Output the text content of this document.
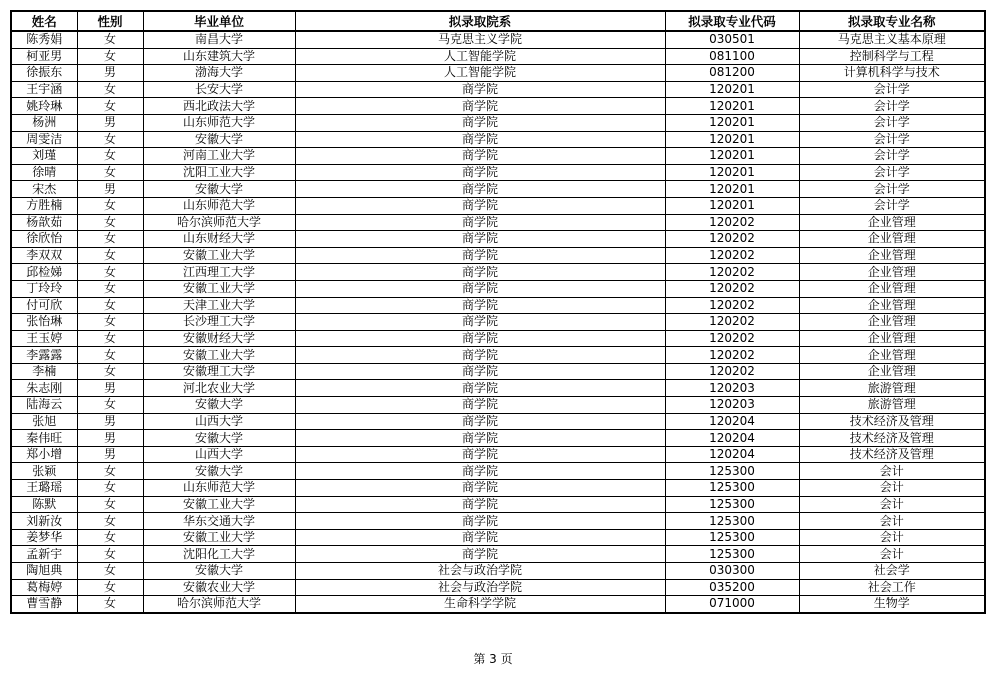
姓名	性别	毕业单位	拟录取院系	拟录取专业代码	拟录取专业名称
陈秀娟	女	南昌大学	马克思主义学院	030501	马克思主义基本原理
柯亚男	女	山东建筑大学	人工智能学院	081100	控制科学与工程
徐振东	男	渤海大学	人工智能学院	081200	计算机科学与技术
王宇涵	女	长安大学	商学院	120201	会计学
姚玲琳	女	西北政法大学	商学院	120201	会计学
杨洲	男	山东师范大学	商学院	120201	会计学
周雯洁	女	安徽大学	商学院	120201	会计学
刘瑾	女	河南工业大学	商学院	120201	会计学
徐晴	女	沈阳工业大学	商学院	120201	会计学
宋杰	男	安徽大学	商学院	120201	会计学
方胜楠	女	山东师范大学	商学院	120201	会计学
杨歆茹	女	哈尔滨师范大学	商学院	120202	企业管理
徐欣怡	女	山东财经大学	商学院	120202	企业管理
李双双	女	安徽工业大学	商学院	120202	企业管理
邱检娣	女	江西理工大学	商学院	120202	企业管理
丁玲玲	女	安徽工业大学	商学院	120202	企业管理
付可欣	女	天津工业大学	商学院	120202	企业管理
张怡琳	女	长沙理工大学	商学院	120202	企业管理
王玉婷	女	安徽财经大学	商学院	120202	企业管理
李露露	女	安徽工业大学	商学院	120202	企业管理
李楠	女	安徽理工大学	商学院	120202	企业管理
朱志刚	男	河北农业大学	商学院	120203	旅游管理
陆海云	女	安徽大学	商学院	120203	旅游管理
张旭	男	山西大学	商学院	120204	技术经济及管理
秦伟旺	男	安徽大学	商学院	120204	技术经济及管理
郑小增	男	山西大学	商学院	120204	技术经济及管理
张颖	女	安徽大学	商学院	125300	会计
王璐瑶	女	山东师范大学	商学院	125300	会计
陈默	女	安徽工业大学	商学院	125300	会计
刘新汝	女	华东交通大学	商学院	125300	会计
姜梦华	女	安徽工业大学	商学院	125300	会计
孟新宇	女	沈阳化工大学	商学院	125300	会计
陶旭典	女	安徽大学	社会与政治学院	030300	社会学
葛梅婷	女	安徽农业大学	社会与政治学院	035200	社会工作
曹雪静	女	哈尔滨师范大学	生命科学学院	071000	生物学
第 3 页
